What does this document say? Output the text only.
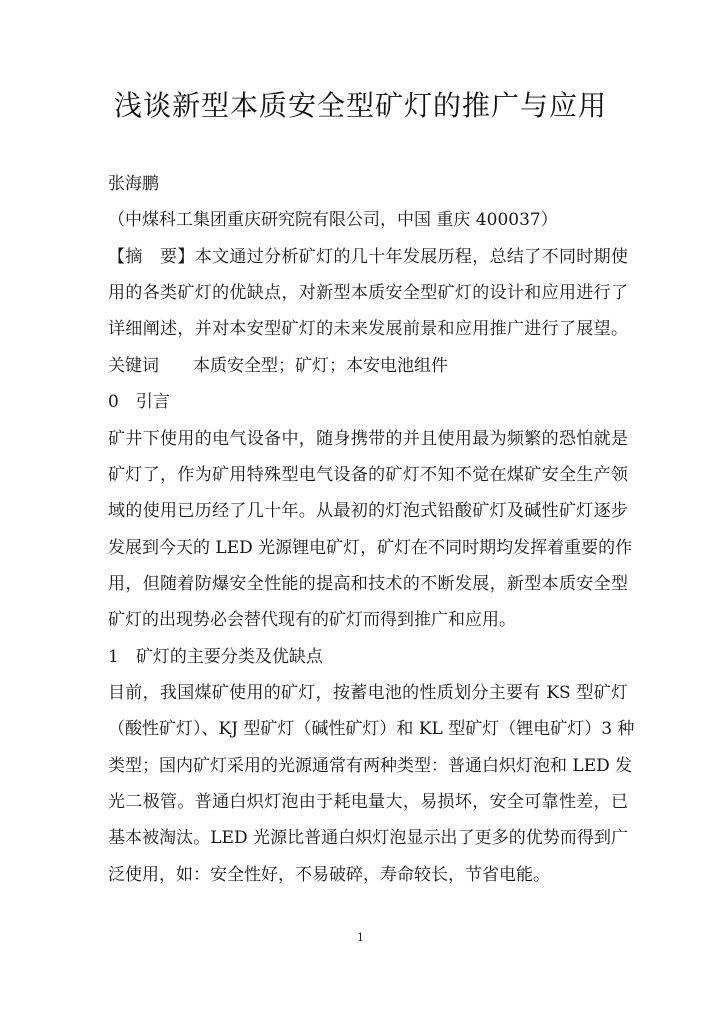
浅谈新型本质安全型矿灯的推广与应用
张海鹏
（中煤科工集团重庆研究院有限公司，中国 重庆 400037）
【摘　要】本文通过分析矿灯的几十年发展历程，总结了不同时期使
用的各类矿灯的优缺点，对新型本质安全型矿灯的设计和应用进行了
详细阐述，并对本安型矿灯的未来发展前景和应用推广进行了展望。
关键词　　本质安全型；矿灯；本安电池组件
0　引言
矿井下使用的电气设备中，随身携带的并且使用最为频繁的恐怕就是
矿灯了，作为矿用特殊型电气设备的矿灯不知不觉在煤矿安全生产领
域的使用已历经了几十年。从最初的灯泡式铅酸矿灯及碱性矿灯逐步
发展到今天的 LED 光源锂电矿灯，矿灯在不同时期均发挥着重要的作
用，但随着防爆安全性能的提高和技术的不断发展，新型本质安全型
矿灯的出现势必会替代现有的矿灯而得到推广和应用。
1　矿灯的主要分类及优缺点
目前，我国煤矿使用的矿灯，按蓄电池的性质划分主要有 KS 型矿灯
（酸性矿灯）、KJ 型矿灯（碱性矿灯）和 KL 型矿灯（锂电矿灯）3 种
类型；国内矿灯采用的光源通常有两种类型：普通白炽灯泡和 LED 发
光二极管。普通白炽灯泡由于耗电量大，易损坏，安全可靠性差，已
基本被淘汰。LED 光源比普通白炽灯泡显示出了更多的优势而得到广
泛使用，如：安全性好，不易破碎，寿命较长，节省电能。
1
